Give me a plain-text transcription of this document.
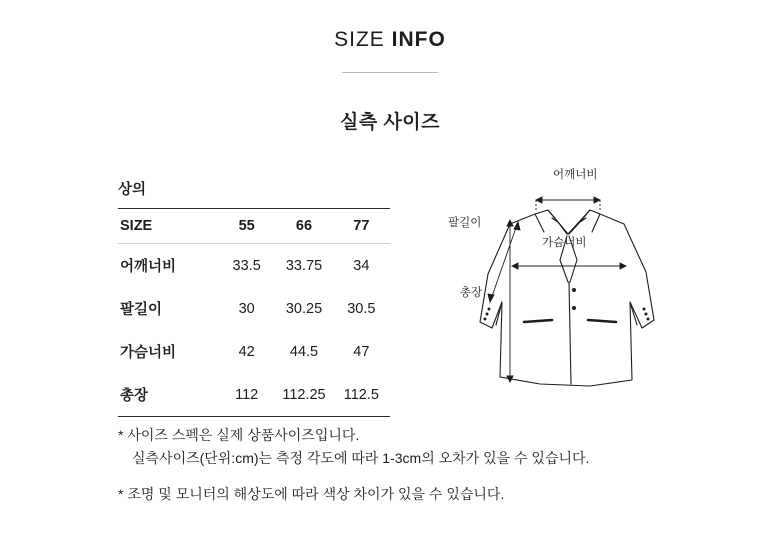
SIZE INFO
실측 사이즈
상의
SIZE	55	66	77
어깨너비	33.5	33.75	34
팔길이	30	30.25	30.5
가슴너비	42	44.5	47
총장	112	112.25	112.5
어깨너비
팔길이
가슴너비
총장
* 사이즈 스펙은 실제 상품사이즈입니다.
실측사이즈(단위:cm)는 측정 각도에 따라 1-3cm의 오차가 있을 수 있습니다.
* 조명 및 모니터의 해상도에 따라 색상 차이가 있을 수 있습니다.
